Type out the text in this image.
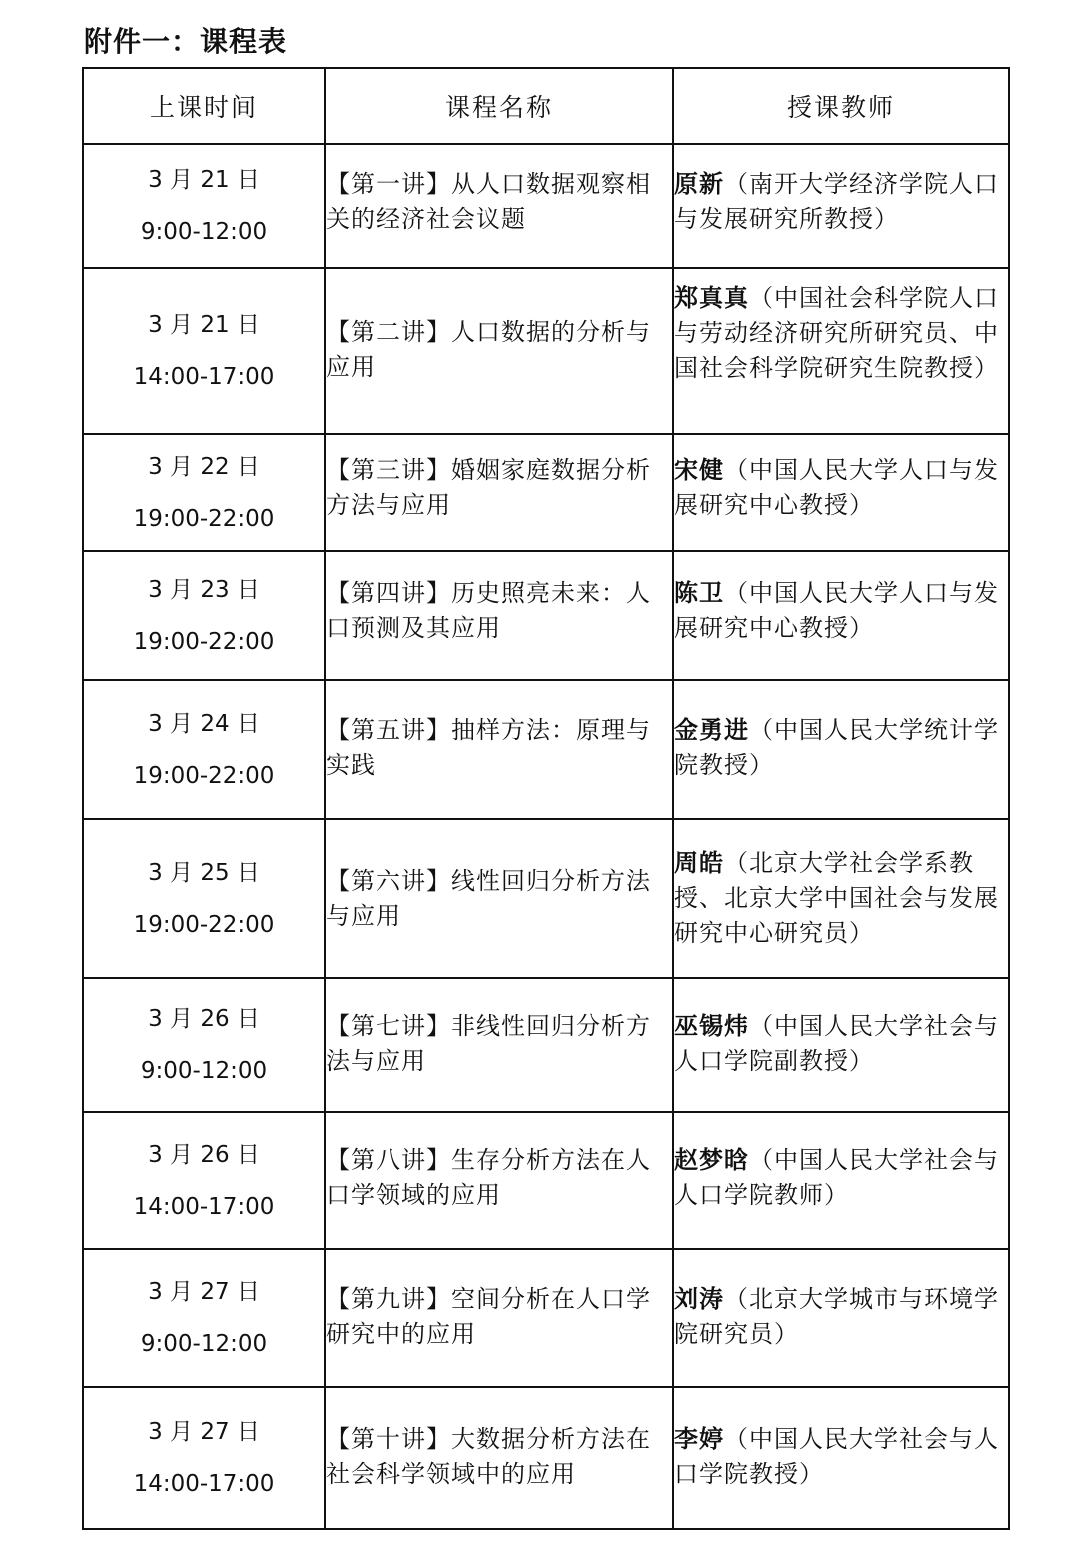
附件一：课程表
上课时间	课程名称	授课教师

3 月 21 日
9:00-12:00	【第一讲】从人口数据观察相关的经济社会议题	原新（南开大学经济学院人口与发展研究所教授）

3 月 21 日
14:00-17:00	【第二讲】人口数据的分析与应用	郑真真（中国社会科学院人口与劳动经济研究所研究员、中国社会科学院研究生院教授）

3 月 22 日
19:00-22:00	【第三讲】婚姻家庭数据分析方法与应用	宋健（中国人民大学人口与发展研究中心教授）

3 月 23 日
19:00-22:00	【第四讲】历史照亮未来：人口预测及其应用	陈卫（中国人民大学人口与发展研究中心教授）

3 月 24 日
19:00-22:00	【第五讲】抽样方法：原理与实践	金勇进（中国人民大学统计学院教授）

3 月 25 日
19:00-22:00	【第六讲】线性回归分析方法与应用	周皓（北京大学社会学系教授、北京大学中国社会与发展研究中心研究员）

3 月 26 日
9:00-12:00	【第七讲】非线性回归分析方法与应用	巫锡炜（中国人民大学社会与人口学院副教授）

3 月 26 日
14:00-17:00	【第八讲】生存分析方法在人口学领域的应用	赵梦晗（中国人民大学社会与人口学院教师）

3 月 27 日
9:00-12:00	【第九讲】空间分析在人口学研究中的应用	刘涛（北京大学城市与环境学院研究员）

3 月 27 日
14:00-17:00	【第十讲】大数据分析方法在社会科学领域中的应用	李婷（中国人民大学社会与人口学院教授）
